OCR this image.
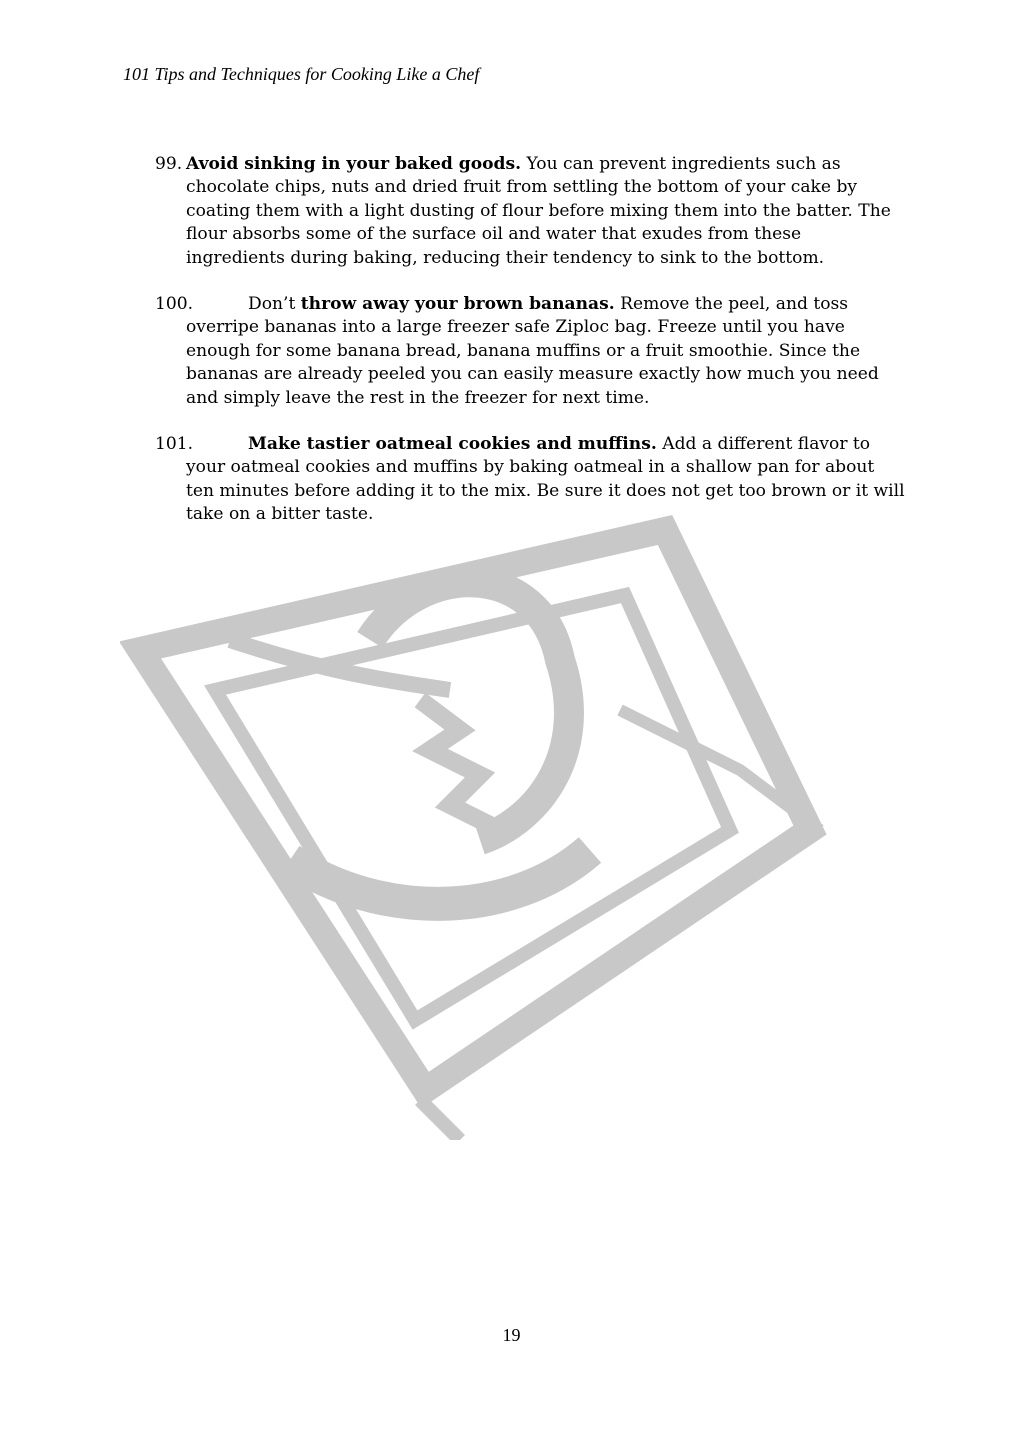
101 Tips and Techniques for Cooking Like a Chef

99. Avoid sinking in your baked goods. You can prevent ingredients such as chocolate chips, nuts and dried fruit from settling the bottom of your cake by coating them with a light dusting of flour before mixing them into the batter. The flour absorbs some of the surface oil and water that exudes from these ingredients during baking, reducing their tendency to sink to the bottom.

100.	Don’t throw away your brown bananas. Remove the peel, and toss overripe bananas into a large freezer safe Ziploc bag. Freeze until you have enough for some banana bread, banana muffins or a fruit smoothie. Since the bananas are already peeled you can easily measure exactly how much you need and simply leave the rest in the freezer for next time.

101.	Make tastier oatmeal cookies and muffins. Add a different flavor to your oatmeal cookies and muffins by baking oatmeal in a shallow pan for about ten minutes before adding it to the mix. Be sure it does not get too brown or it will take on a bitter taste.

19
